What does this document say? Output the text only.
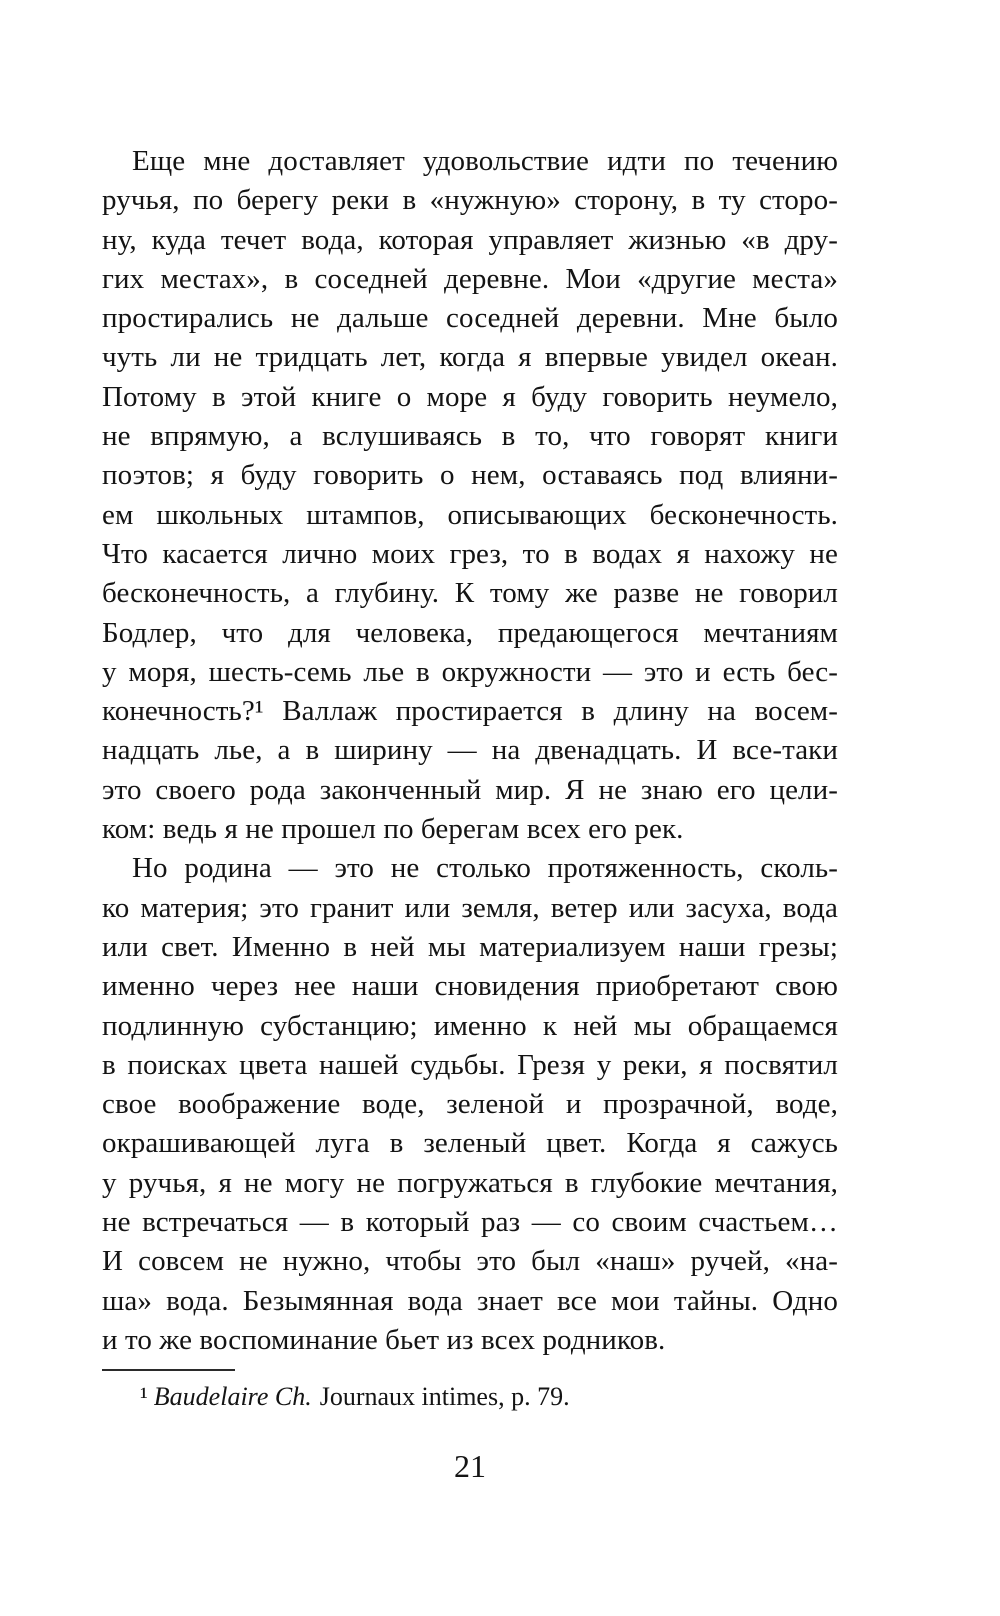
Еще мне доставляет удовольствие идти по течению
ручья, по берегу реки в «нужную» сторону, в ту сторо-
ну, куда течет вода, которая управляет жизнью «в дру-
гих местах», в соседней деревне. Мои «другие места»
простирались не дальше соседней деревни. Мне было
чуть ли не тридцать лет, когда я впервые увидел океан.
Потому в этой книге о море я буду говорить неумело,
не впрямую, а вслушиваясь в то, что говорят книги
поэтов; я буду говорить о нем, оставаясь под влияни-
ем школьных штампов, описывающих бесконечность.
Что касается лично моих грез, то в водах я нахожу не
бесконечность, а глубину. К тому же разве не говорил
Бодлер, что для человека, предающегося мечтаниям
у моря, шесть-семь лье в окружности — это и есть бес-
конечность?¹ Валлаж простирается в длину на восем-
надцать лье, а в ширину — на двенадцать. И все-таки
это своего рода законченный мир. Я не знаю его цели-
ком: ведь я не прошел по берегам всех его рек.
Но родина — это не столько протяженность, сколь-
ко материя; это гранит или земля, ветер или засуха, вода
или свет. Именно в ней мы материализуем наши грезы;
именно через нее наши сновидения приобретают свою
подлинную субстанцию; именно к ней мы обращаемся
в поисках цвета нашей судьбы. Грезя у реки, я посвятил
свое воображение воде, зеленой и прозрачной, воде,
окрашивающей луга в зеленый цвет. Когда я сажусь
у ручья, я не могу не погружаться в глубокие мечтания,
не встречаться — в который раз — со своим счастьем…
И совсем не нужно, чтобы это был «наш» ручей, «на-
ша» вода. Безымянная вода знает все мои тайны. Одно
и то же воспоминание бьет из всех родников.
¹ Baudelaire Ch. Journaux intimes, p. 79.
21
